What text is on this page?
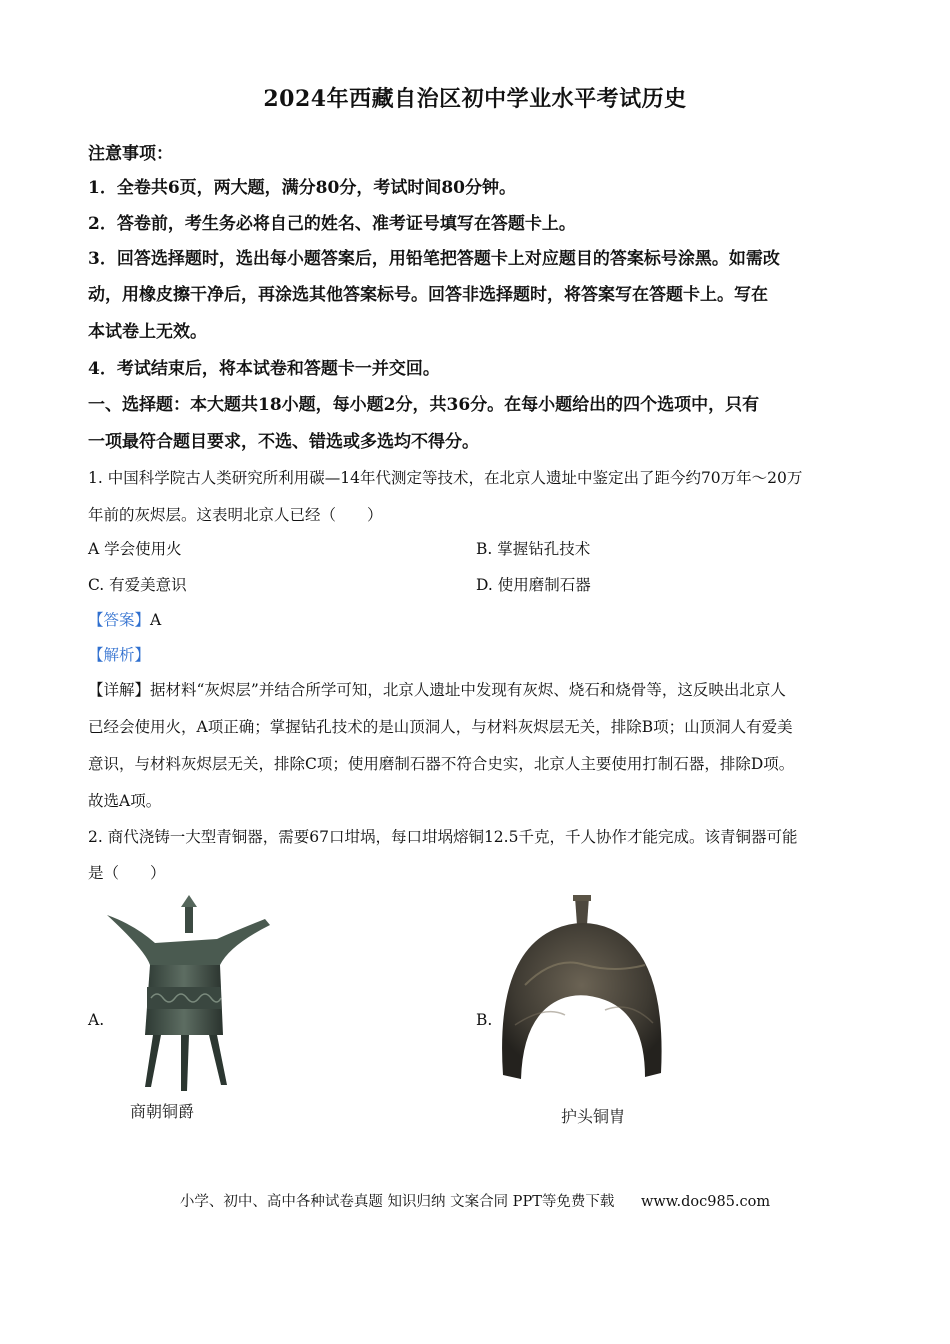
2024年西藏自治区初中学业水平考试历史
注意事项：
1．全卷共6页，两大题，满分80分，考试时间80分钟。
2．答卷前，考生务必将自己的姓名、准考证号填写在答题卡上。
3．回答选择题时，选出每小题答案后，用铅笔把答题卡上对应题目的答案标号涂黑。如需改
动，用橡皮擦干净后，再涂选其他答案标号。回答非选择题时，将答案写在答题卡上。写在
本试卷上无效。
4．考试结束后，将本试卷和答题卡一并交回。
一、选择题：本大题共18小题，每小题2分，共36分。在每小题给出的四个选项中，只有
一项最符合题目要求，不选、错选或多选均不得分。
1. 中国科学院古人类研究所利用碳—14年代测定等技术，在北京人遗址中鉴定出了距今约70万年～20万
年前的灰烬层。这表明北京人已经（　　）
A 学会使用火	B. 掌握钻孔技术
C. 有爱美意识	D. 使用磨制石器
【答案】A
【解析】
【详解】据材料“灰烬层”并结合所学可知，北京人遗址中发现有灰烬、烧石和烧骨等，这反映出北京人
已经会使用火，A项正确；掌握钻孔技术的是山顶洞人，与材料灰烬层无关，排除B项；山顶洞人有爱美
意识，与材料灰烬层无关，排除C项；使用磨制石器不符合史实，北京人主要使用打制石器，排除D项。
故选A项。
2. 商代浇铸一大型青铜器，需要67口坩埚，每口坩埚熔铜12.5千克，千人协作才能完成。该青铜器可能
是（　　）
A.
商朝铜爵
B.
护头铜胄
小学、初中、高中各种试卷真题 知识归纳 文案合同 PPT等免费下载 www.doc985.com
